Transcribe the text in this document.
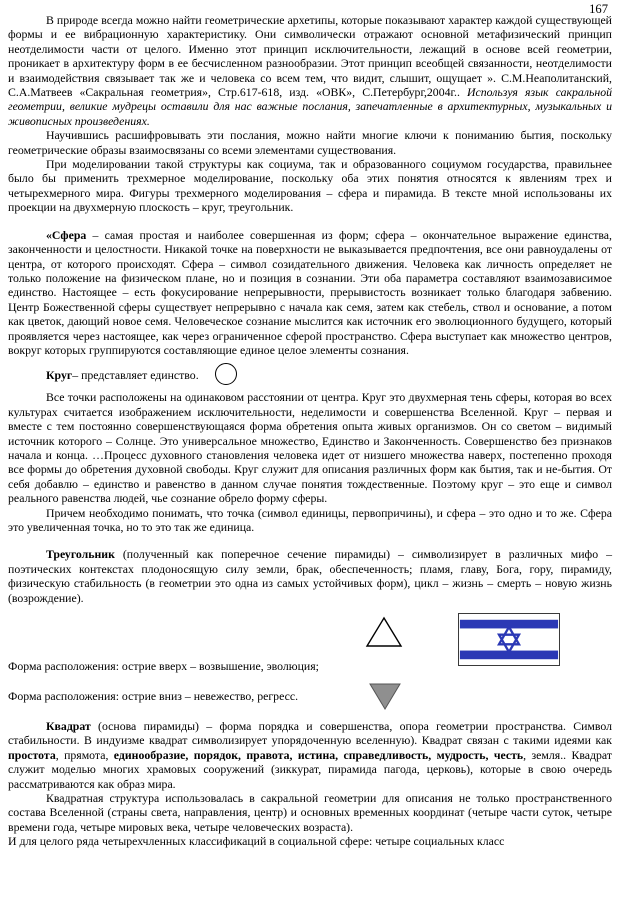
167

В природе всегда можно найти геометрические архетипы, которые показывают характер каждой существующей формы и ее вибрационную характеристику. Они символически отражают основной метафизический принцип неотделимости части от целого. Именно этот принцип исключительности, лежащий в основе всей геометрии, проникает в архитектуру форм в ее бесчисленном разнообразии. Этот принцип всеобщей связанности, неотделимости и взаимодействия связывает так же и человека со всем тем, что видит, слышит, ощущает ». С.М.Неаполитанский, С.А.Матвеев «Сакральная геометрия», Стр.617-618, изд. «ОВК», С.Петербург,2004г.. Используя язык сакральной геометрии, великие мудрецы оставили для нас важные послания, запечатленные в архитектурных, музыкальных и живописных произведениях.

Научившись расшифровывать эти послания, можно найти многие ключи к пониманию бытия, поскольку геометрические образы взаимосвязаны со всеми элементами существования.

При моделировании такой структуры как социума, так и образованного социумом государства, правильнее было бы применить трехмерное моделирование, поскольку оба этих понятия относятся к явлениям трех и четырехмерного мира. Фигуры трехмерного моделирования – сфера и пирамида. В тексте мной использованы их проекции на двухмерную плоскость – круг, треугольник.

«Сфера – самая простая и наиболее совершенная из форм; сфера – окончательное выражение единства, законченности и целостности. Никакой точке на поверхности не выказывается предпочтения, все они равноудалены от центра, от которого происходят. Сфера – символ созидательного движения. Человека как личность определяет не только положение на физическом плане, но и позиция в сознании. Эти оба параметра составляют взаимозависимое единство. Настоящее – есть фокусирование непрерывности, прерывистость возникает только благодаря забвению. Центр Божественной сферы существует непрерывно с начала как семя, затем как стебель, ствол и основание, а потом как цветок, дающий новое семя. Человеческое сознание мыслится как источник его эволюционного будущего, который проявляется через настоящее, как через ограниченное сферой пространство. Сфера выступает как множество центров, вокруг которых группируются составляющие единое целое элементы сознания.

Круг– представляет единство.

Все точки расположены на одинаковом расстоянии от центра. Круг это двухмерная тень сферы, которая во всех культурах считается изображением исключительности, неделимости и совершенства Вселенной. Круг – первая и вместе с тем постоянно совершенствующаяся форма обретения опыта живых организмов. Он со светом – видимый источник которого – Солнце. Это универсальное множество, Единство и Законченность. Совершенство без признаков начала и конца. …Процесс духовного становления человека идет от низшего множества наверх, постепенно проходя все формы до обретения духовной свободы. Круг служит для описания различных форм как бытия, так и не-бытия. От себя добавлю – единство и равенство в данном случае понятия тождественные. Поэтому круг – это еще и символ реального равенства людей, чье сознание обрело форму сферы.

Причем необходимо понимать, что точка (символ единицы, первопричины), и сфера – это одно и то же. Сфера это увеличенная точка, но то это так же единица.

Треугольник (полученный как поперечное сечение пирамиды) – символизирует в различных мифо – поэтических контекстах плодоносящую силу земли, брак, обеспеченность; пламя, главу, Бога, гору, пирамиду, физическую стабильность (в геометрии это одна из самых устойчивых форм), цикл – жизнь – смерть – новую жизнь (возрождение).

Форма расположения: острие вверх – возвышение, эволюция;

Форма расположения: острие вниз – невежество, регресс.

Квадрат (основа пирамиды) – форма порядка и совершенства, опора геометрии пространства. Символ стабильности. В индуизме квадрат символизирует упорядоченную вселенную). Квадрат связан с такими идеями как простота, прямота, единообразие, порядок, правота, истина, справедливость, мудрость, честь, земля.. Квадрат служит моделью многих храмовых сооружений (зиккурат, пирамида пагода, церковь), которые в свою очередь рассматриваются как образ мира.

Квадратная структура использовалась в сакральной геометрии для описания не только пространственного состава Вселенной (страны света, направления, центр) и основных временных координат (четыре части суток, четыре времени года, четыре мировых века, четыре человеческих возраста).

И для целого ряда четырехчленных классификаций в социальной сфере: четыре социальных класс
